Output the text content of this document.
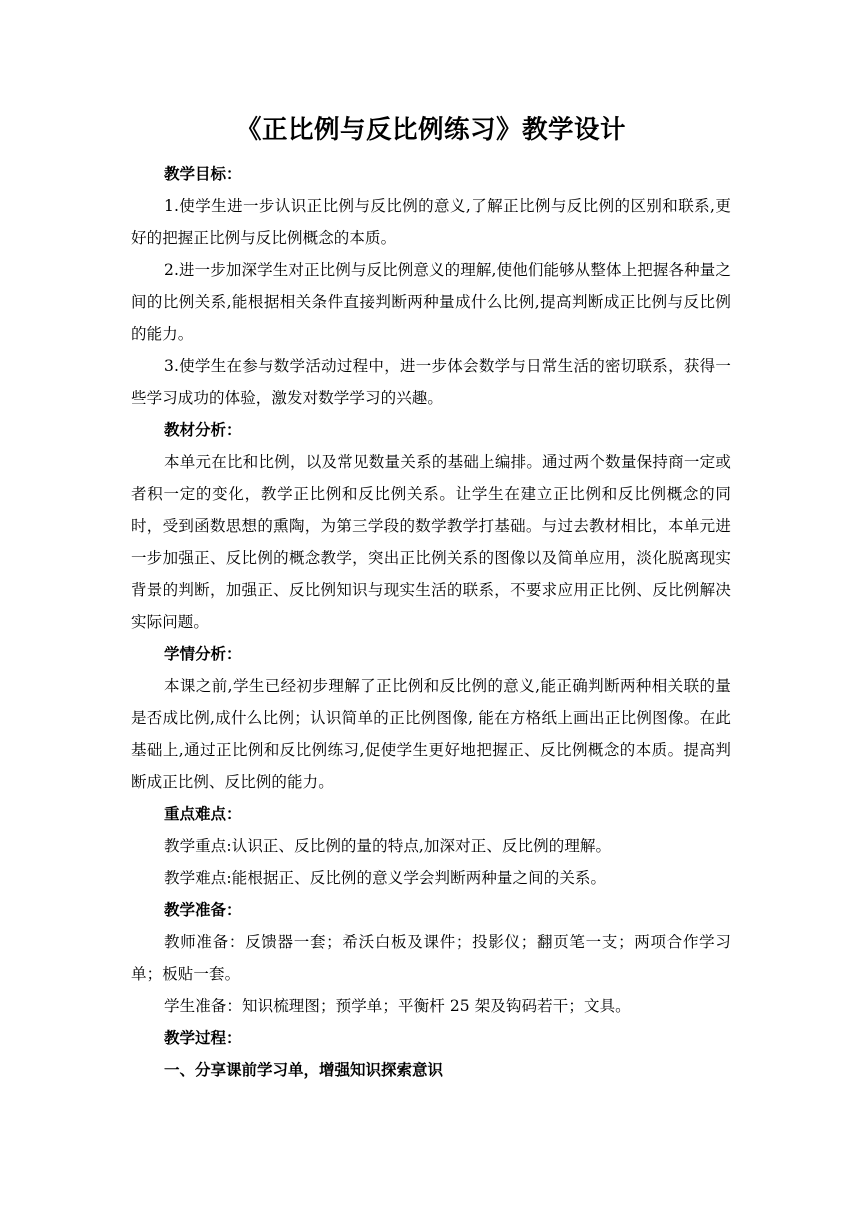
《正比例与反比例练习》教学设计

教学目标：

1.使学生进一步认识正比例与反比例的意义,了解正比例与反比例的区别和联系,更好的把握正比例与反比例概念的本质。

2.进一步加深学生对正比例与反比例意义的理解,使他们能够从整体上把握各种量之间的比例关系,能根据相关条件直接判断两种量成什么比例,提高判断成正比例与反比例的能力。

3.使学生在参与数学活动过程中，进一步体会数学与日常生活的密切联系，获得一些学习成功的体验，激发对数学学习的兴趣。

教材分析：

本单元在比和比例，以及常见数量关系的基础上编排。通过两个数量保持商一定或者积一定的变化，教学正比例和反比例关系。让学生在建立正比例和反比例概念的同时，受到函数思想的熏陶，为第三学段的数学教学打基础。与过去教材相比，本单元进一步加强正、反比例的概念教学，突出正比例关系的图像以及简单应用，淡化脱离现实背景的判断，加强正、反比例知识与现实生活的联系，不要求应用正比例、反比例解决实际问题。

学情分析：

本课之前,学生已经初步理解了正比例和反比例的意义,能正确判断两种相关联的量是否成比例,成什么比例；认识简单的正比例图像, 能在方格纸上画出正比例图像。在此基础上,通过正比例和反比例练习,促使学生更好地把握正、反比例概念的本质。提高判断成正比例、反比例的能力。

重点难点：

教学重点:认识正、反比例的量的特点,加深对正、反比例的理解。

教学难点:能根据正、反比例的意义学会判断两种量之间的关系。

教学准备：

教师准备：反馈器一套；希沃白板及课件；投影仪；翻页笔一支；两项合作学习单；板贴一套。

学生准备：知识梳理图；预学单；平衡杆 25 架及钩码若干；文具。

教学过程：

一、分享课前学习单，增强知识探索意识
